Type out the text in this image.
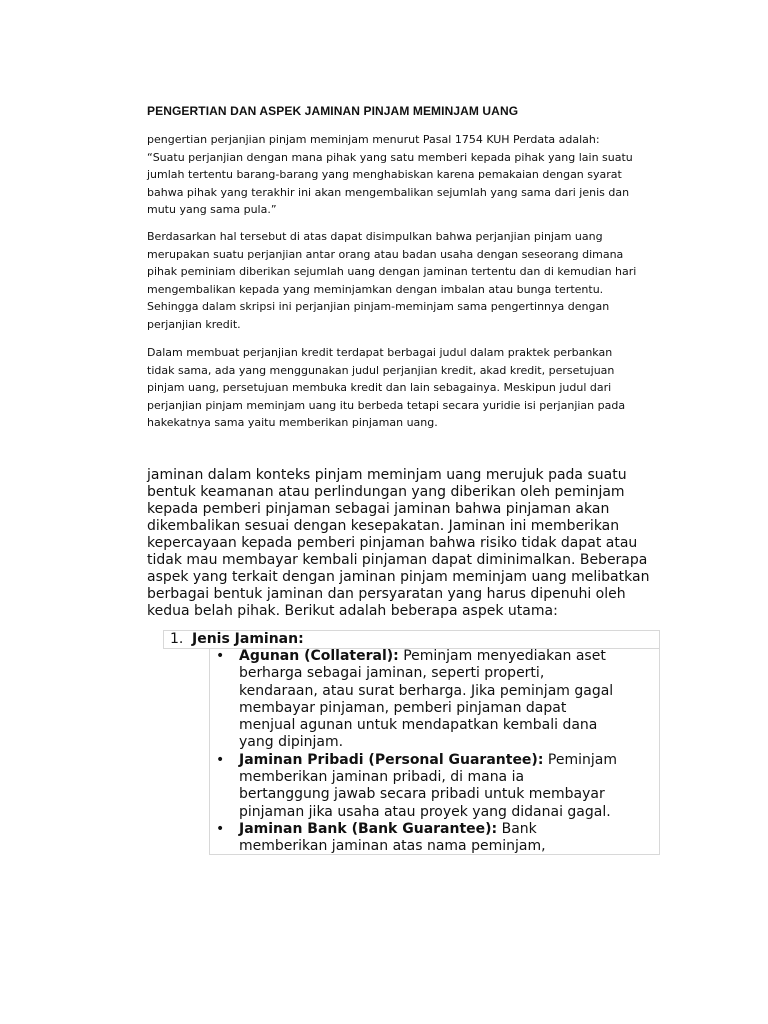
PENGERTIAN DAN ASPEK JAMINAN PINJAM MEMINJAM UANG
pengertian perjanjian pinjam meminjam menurut Pasal 1754 KUH Perdata adalah:
“Suatu perjanjian dengan mana pihak yang satu memberi kepada pihak yang lain suatu
jumlah tertentu barang-barang yang menghabiskan karena pemakaian dengan syarat
bahwa pihak yang terakhir ini akan mengembalikan sejumlah yang sama dari jenis dan
mutu yang sama pula.”
Berdasarkan hal tersebut di atas dapat disimpulkan bahwa perjanjian pinjam uang
merupakan suatu perjanjian antar orang atau badan usaha dengan seseorang dimana
pihak peminiam diberikan sejumlah uang dengan jaminan tertentu dan di kemudian hari
mengembalikan kepada yang meminjamkan dengan imbalan atau bunga tertentu.
Sehingga dalam skripsi ini perjanjian pinjam-meminjam sama pengertinnya dengan
perjanjian kredit.
Dalam membuat perjanjian kredit terdapat berbagai judul dalam praktek perbankan
tidak sama, ada yang menggunakan judul perjanjian kredit, akad kredit, persetujuan
pinjam uang, persetujuan membuka kredit dan lain sebagainya. Meskipun judul dari
perjanjian pinjam meminjam uang itu berbeda tetapi secara yuridie isi perjanjian pada
hakekatnya sama yaitu memberikan pinjaman uang.
jaminan dalam konteks pinjam meminjam uang merujuk pada suatu
bentuk keamanan atau perlindungan yang diberikan oleh peminjam
kepada pemberi pinjaman sebagai jaminan bahwa pinjaman akan
dikembalikan sesuai dengan kesepakatan. Jaminan ini memberikan
kepercayaan kepada pemberi pinjaman bahwa risiko tidak dapat atau
tidak mau membayar kembali pinjaman dapat diminimalkan. Beberapa
aspek yang terkait dengan jaminan pinjam meminjam uang melibatkan
berbagai bentuk jaminan dan persyaratan yang harus dipenuhi oleh
kedua belah pihak. Berikut adalah beberapa aspek utama:
1. Jenis Jaminan:
• Agunan (Collateral): Peminjam menyediakan aset
berharga sebagai jaminan, seperti properti,
kendaraan, atau surat berharga. Jika peminjam gagal
membayar pinjaman, pemberi pinjaman dapat
menjual agunan untuk mendapatkan kembali dana
yang dipinjam.
• Jaminan Pribadi (Personal Guarantee): Peminjam
memberikan jaminan pribadi, di mana ia
bertanggung jawab secara pribadi untuk membayar
pinjaman jika usaha atau proyek yang didanai gagal.
• Jaminan Bank (Bank Guarantee): Bank
memberikan jaminan atas nama peminjam,
